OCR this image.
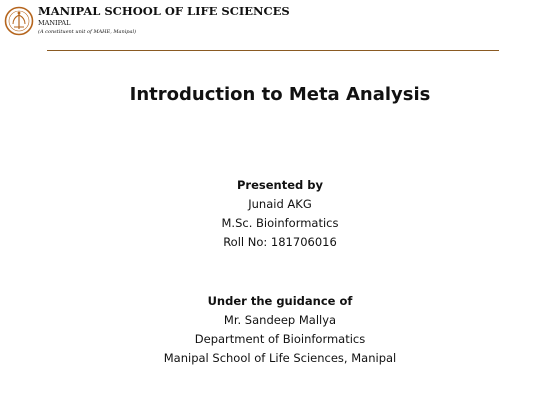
MANIPAL SCHOOL OF LIFE SCIENCES
MANIPAL
(A constituent unit of MAHE, Manipal)
Introduction to Meta Analysis
Presented by
Junaid AKG
M.Sc. Bioinformatics
Roll No: 181706016
Under the guidance of
Mr. Sandeep Mallya
Department of Bioinformatics
Manipal School of Life Sciences, Manipal
